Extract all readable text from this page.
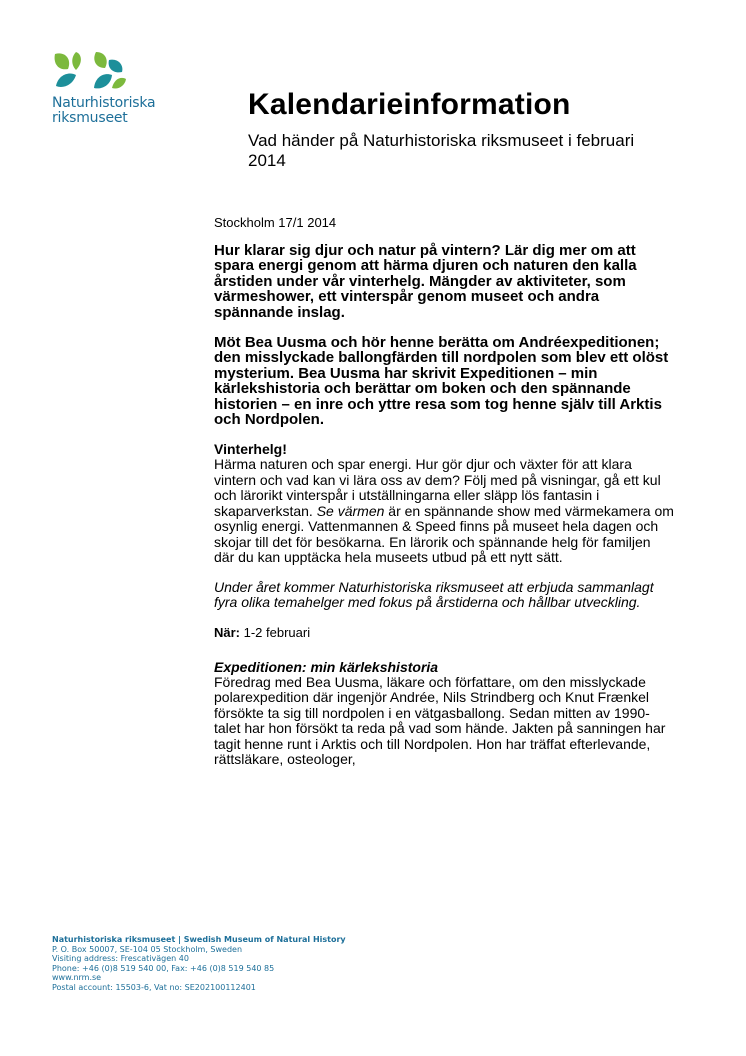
Naturhistoriska
riksmuseet	Kalendarieinformation
Vad händer på Naturhistoriska riksmuseet i februari 2014

Stockholm 17/1 2014

Hur klarar sig djur och natur på vintern? Lär dig mer om att spara energi genom att härma djuren och naturen den kalla årstiden under vår vinterhelg. Mängder av aktiviteter, som värmeshower, ett vinterspår genom museet och andra spännande inslag.

Möt Bea Uusma och hör henne berätta om Andréexpeditionen; den misslyckade ballongfärden till nordpolen som blev ett olöst mysterium. Bea Uusma har skrivit Expeditionen – min kärlekshistoria och berättar om boken och den spännande historien – en inre och yttre resa som tog henne själv till Arktis och Nordpolen.

Vinterhelg!

Härma naturen och spar energi. Hur gör djur och växter för att klara vintern och vad kan vi lära oss av dem? Följ med på visningar, gå ett kul och lärorikt vinterspår i utställningarna eller släpp lös fantasin i skaparverkstan. Se värmen är en spännande show med värmekamera om osynlig energi. Vattenmannen & Speed finns på museet hela dagen och skojar till det för besökarna. En lärorik och spännande helg för familjen där du kan upptäcka hela museets utbud på ett nytt sätt.

Under året kommer Naturhistoriska riksmuseet att erbjuda sammanlagt fyra olika temahelger med fokus på årstiderna och hållbar utveckling.

När: 1-2 februari

Expeditionen: min kärlekshistoria

Föredrag med Bea Uusma, läkare och författare, om den misslyckade polarexpedition där ingenjör Andrée, Nils Strindberg och Knut Frænkel försökte ta sig till nordpolen i en vätgasballong. Sedan mitten av 1990-talet har hon försökt ta reda på vad som hände. Jakten på sanningen har tagit henne runt i Arktis och till Nordpolen. Hon har träffat efterlevande, rättsläkare, osteologer,

Naturhistoriska riksmuseet | Swedish Museum of Natural History
P. O. Box 50007, SE-104 05 Stockholm, Sweden
Visiting address: Frescativägen 40
Phone: +46 (0)8 519 540 00, Fax: +46 (0)8 519 540 85
www.nrm.se
Postal account: 15503-6, Vat no: SE202100112401
